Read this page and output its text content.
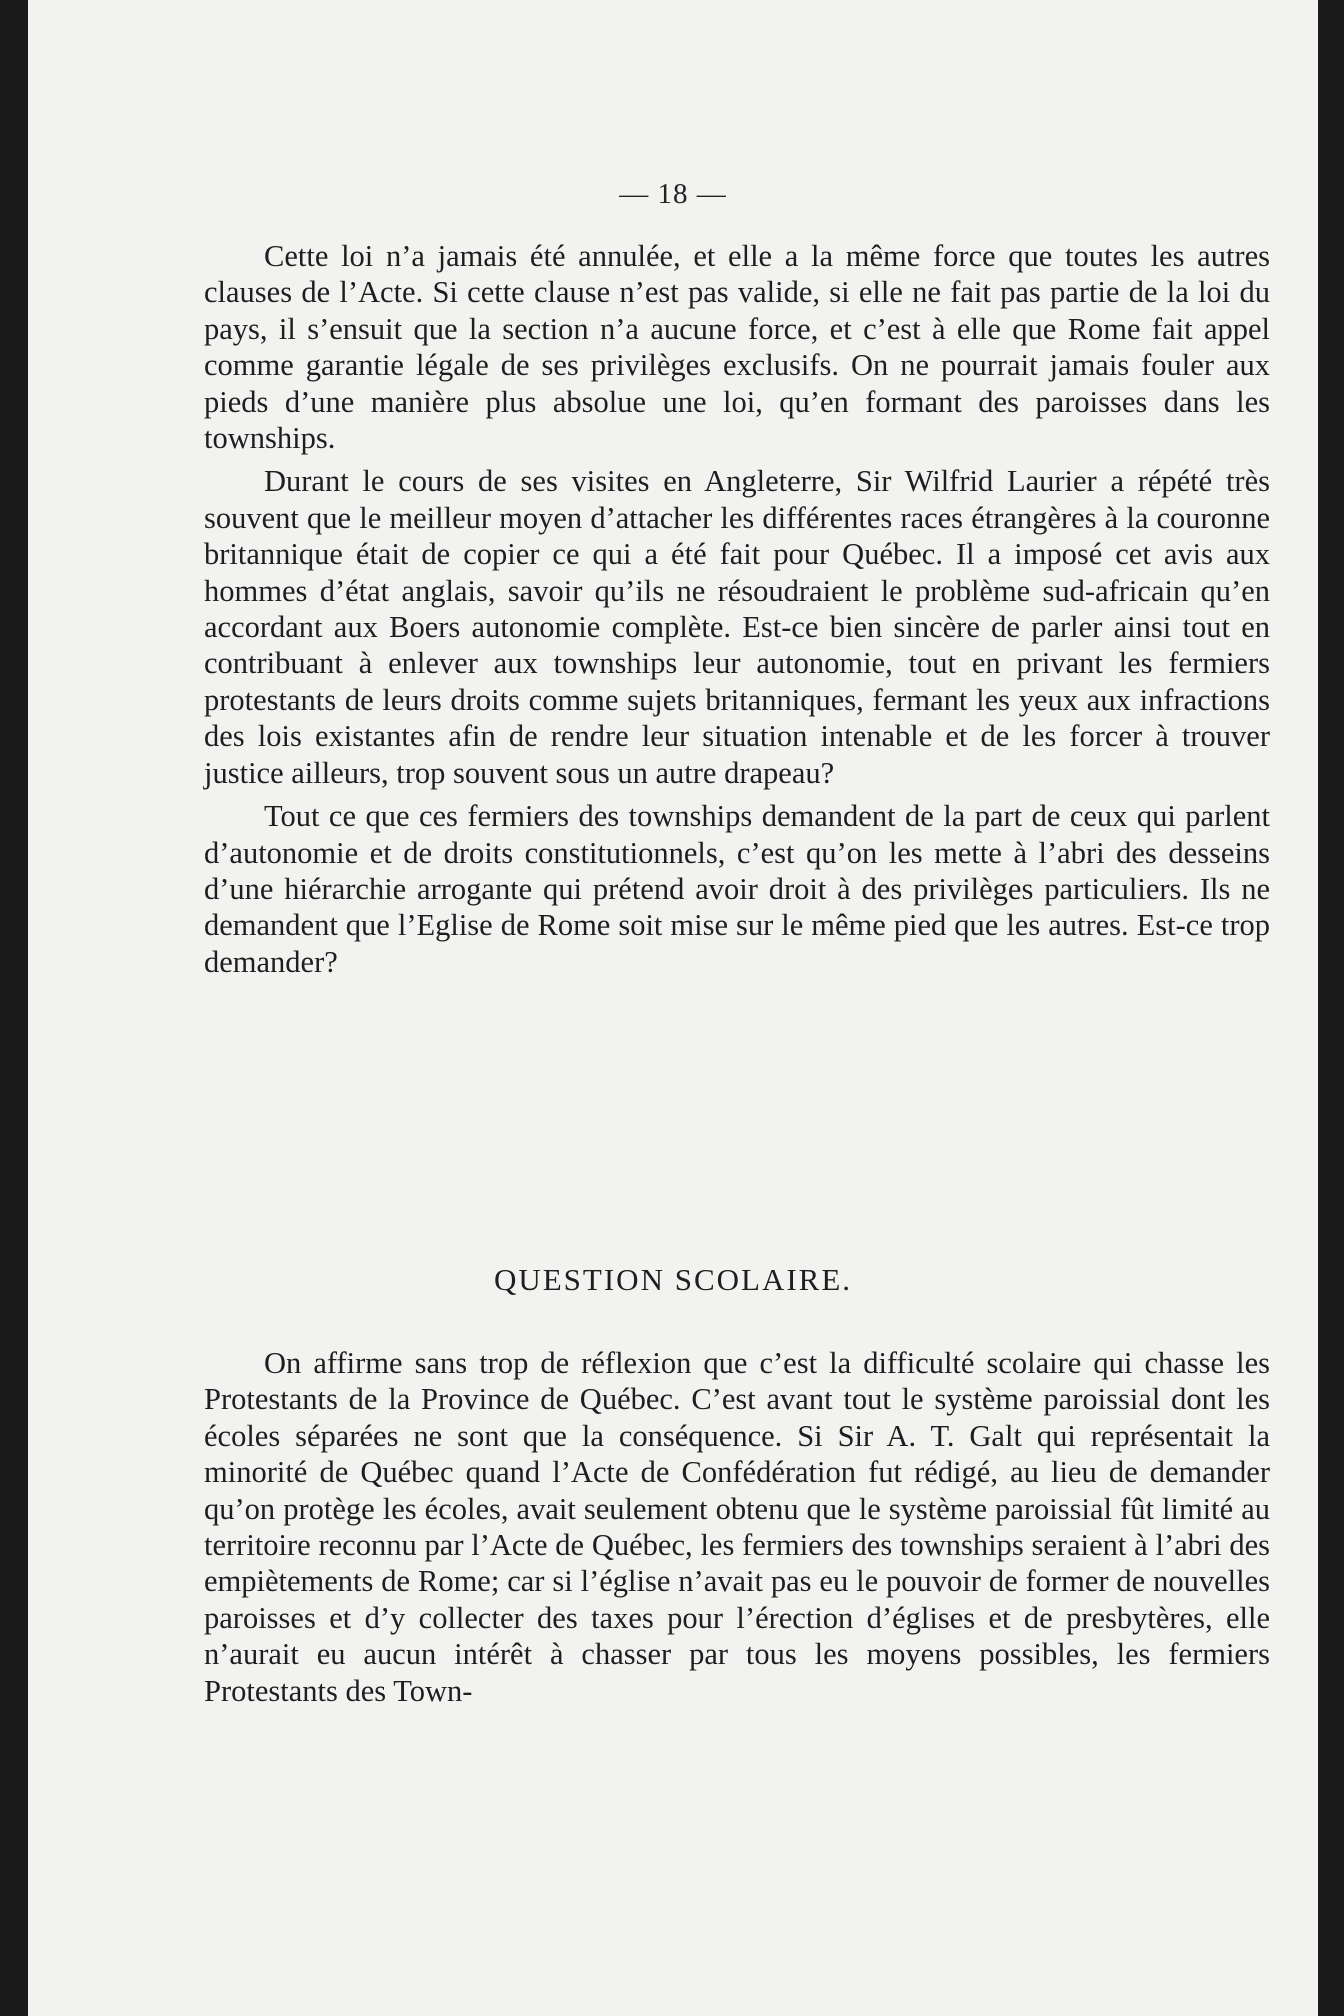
— 18 —

Cette loi n’a jamais été annulée, et elle a la même force que toutes les autres clauses de l’Acte. Si cette clause n’est pas valide, si elle ne fait pas partie de la loi du pays, il s’ensuit que la section n’a aucune force, et c’est à elle que Rome fait appel comme garantie légale de ses privilèges exclusifs. On ne pourrait jamais fouler aux pieds d’une manière plus absolue une loi, qu’en formant des paroisses dans les townships.

Durant le cours de ses visites en Angleterre, Sir Wilfrid Laurier a répété très souvent que le meilleur moyen d’attacher les différentes races étrangères à la couronne britannique était de copier ce qui a été fait pour Québec. Il a imposé cet avis aux hommes d’état anglais, savoir qu’ils ne résoudraient le problème sud-africain qu’en accordant aux Boers autonomie complète. Est-ce bien sincère de parler ainsi tout en contribuant à enlever aux townships leur autonomie, tout en privant les fermiers protestants de leurs droits comme sujets britanniques, fermant les yeux aux infractions des lois existantes afin de rendre leur situation intenable et de les forcer à trouver justice ailleurs, trop souvent sous un autre drapeau?

Tout ce que ces fermiers des townships demandent de la part de ceux qui parlent d’autonomie et de droits constitutionnels, c’est qu’on les mette à l’abri des desseins d’une hiérarchie arrogante qui prétend avoir droit à des privilèges particuliers. Ils ne demandent que l’Eglise de Rome soit mise sur le même pied que les autres. Est-ce trop demander?

QUESTION SCOLAIRE.

On affirme sans trop de réflexion que c’est la difficulté scolaire qui chasse les Protestants de la Province de Québec. C’est avant tout le système paroissial dont les écoles séparées ne sont que la conséquence. Si Sir A. T. Galt qui représentait la minorité de Québec quand l’Acte de Confédération fut rédigé, au lieu de demander qu’on protège les écoles, avait seulement obtenu que le système paroissial fût limité au territoire reconnu par l’Acte de Québec, les fermiers des townships seraient à l’abri des empiètements de Rome; car si l’église n’avait pas eu le pouvoir de former de nouvelles paroisses et d’y collecter des taxes pour l’érection d’églises et de presbytères, elle n’aurait eu aucun intérêt à chasser par tous les moyens possibles, les fermiers Protestants des Town-
